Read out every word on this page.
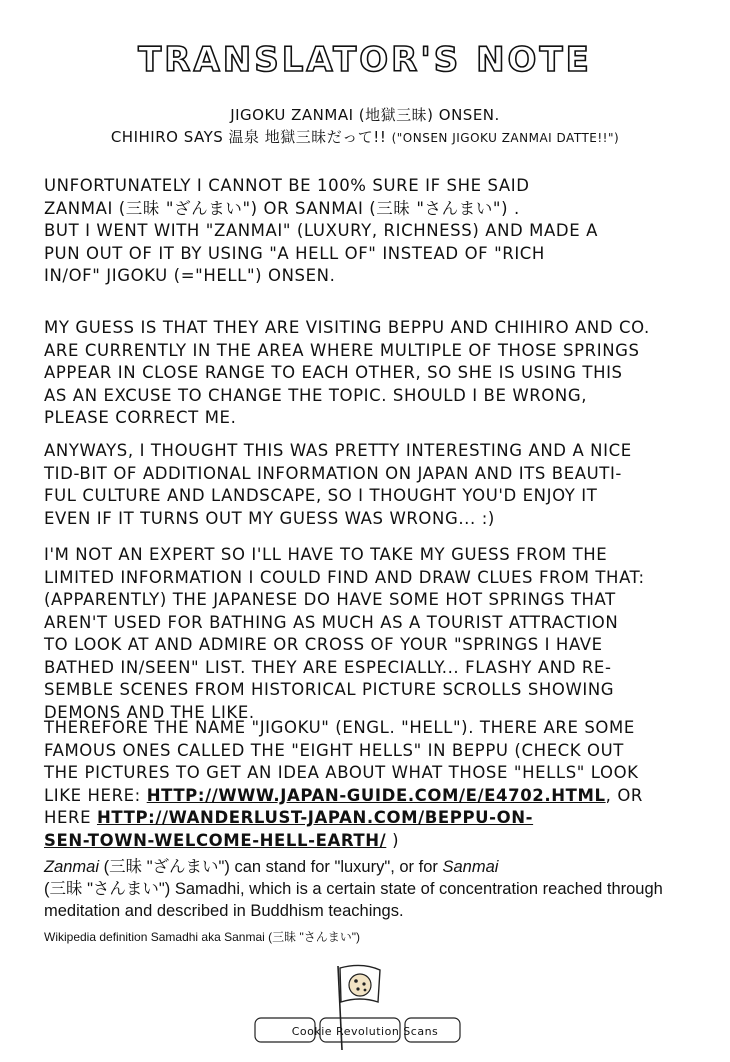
TRANSLATOR'S NOTE
JIGOKU ZANMAI (地獄三昧) ONSEN.
CHIHIRO SAYS 温泉 地獄三昧だって!! ("ONSEN JIGOKU ZANMAI DATTE!!")
UNFORTUNATELY I CANNOT BE 100% SURE IF SHE SAID
ZANMAI (三昧 "ざんまい") OR SANMAI (三昧 "さんまい") .
BUT I WENT WITH "ZANMAI" (LUXURY, RICHNESS) AND MADE A
PUN OUT OF IT BY USING "A HELL OF" INSTEAD OF "RICH
IN/OF" JIGOKU (="HELL") ONSEN.
MY GUESS IS THAT THEY ARE VISITING BEPPU AND CHIHIRO AND CO.
ARE CURRENTLY IN THE AREA WHERE MULTIPLE OF THOSE SPRINGS
APPEAR IN CLOSE RANGE TO EACH OTHER, SO SHE IS USING THIS
AS AN EXCUSE TO CHANGE THE TOPIC. SHOULD I BE WRONG,
PLEASE CORRECT ME.
ANYWAYS, I THOUGHT THIS WAS PRETTY INTERESTING AND A NICE
TID-BIT OF ADDITIONAL INFORMATION ON JAPAN AND ITS BEAUTI-
FUL CULTURE AND LANDSCAPE, SO I THOUGHT YOU'D ENJOY IT
EVEN IF IT TURNS OUT MY GUESS WAS WRONG... :)
I'M NOT AN EXPERT SO I'LL HAVE TO TAKE MY GUESS FROM THE
LIMITED INFORMATION I COULD FIND AND DRAW CLUES FROM THAT:
(APPARENTLY) THE JAPANESE DO HAVE SOME HOT SPRINGS THAT
AREN'T USED FOR BATHING AS MUCH AS A TOURIST ATTRACTION
TO LOOK AT AND ADMIRE OR CROSS OF YOUR "SPRINGS I HAVE
BATHED IN/SEEN" LIST. THEY ARE ESPECIALLY... FLASHY AND RE-
SEMBLE SCENES FROM HISTORICAL PICTURE SCROLLS SHOWING
DEMONS AND THE LIKE.
THEREFORE THE NAME "JIGOKU" (ENGL. "HELL"). THERE ARE SOME
FAMOUS ONES CALLED THE "EIGHT HELLS" IN BEPPU (CHECK OUT
THE PICTURES TO GET AN IDEA ABOUT WHAT THOSE "HELLS" LOOK
LIKE HERE: HTTP://WWW.JAPAN-GUIDE.COM/E/E4702.HTML, OR
HERE HTTP://WANDERLUST-JAPAN.COM/BEPPU-ON-
SEN-TOWN-WELCOME-HELL-EARTH/ )
Zanmai (三昧 "ざんまい") can stand for "luxury", or for Sanmai
(三昧 "さんまい") Samadhi, which is a certain state of concentration reached through meditation and described in Buddhism teachings.
Wikipedia definition Samadhi aka Sanmai (三昧 "さんまい")
Cookie Revolution Scans
